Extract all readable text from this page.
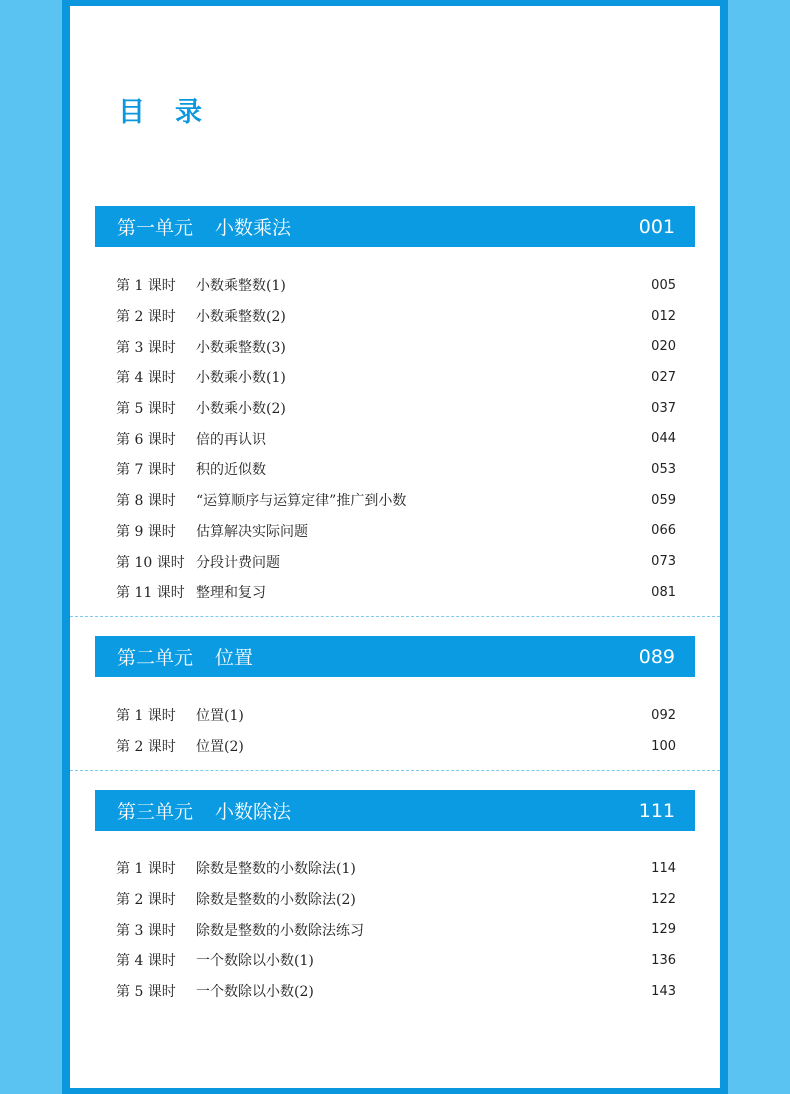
目录
第一单元 小数乘法	001
第 1 课时	小数乘整数(1)	005
第 2 课时	小数乘整数(2)	012
第 3 课时	小数乘整数(3)	020
第 4 课时	小数乘小数(1)	027
第 5 课时	小数乘小数(2)	037
第 6 课时	倍的再认识	044
第 7 课时	积的近似数	053
第 8 课时	“运算顺序与运算定律”推广到小数	059
第 9 课时	估算解决实际问题	066
第 10 课时 分段计费问题	073
第 11 课时 整理和复习	081
第二单元 位置	089
第 1 课时	位置(1)	092
第 2 课时	位置(2)	100
第三单元 小数除法	111
第 1 课时	除数是整数的小数除法(1)	114
第 2 课时	除数是整数的小数除法(2)	122
第 3 课时	除数是整数的小数除法练习	129
第 4 课时	一个数除以小数(1)	136
第 5 课时	一个数除以小数(2)	143
